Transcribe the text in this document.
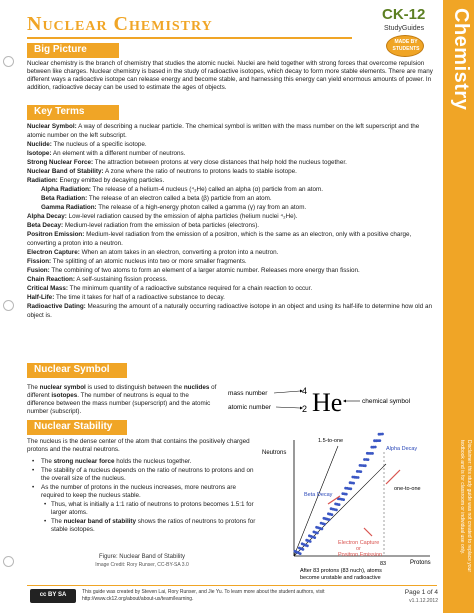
Chemistry
Disclaimer: this study guide was not created to replace your textbook and is for classroom or individual use only.
Nuclear Chemistry	CK-12
StudyGuides
MADE BY STUDENTS
Big Picture
Nuclear chemistry is the branch of chemistry that studies the atomic nuclei. Nuclei are held together with strong forces that overcome repulsion between like charges. Nuclear chemistry is based in the study of radioactive isotopes, which decay to form more stable elements. There are many different ways a radioactive isotope can release energy and become stable, and harnessing this energy can yield enormous amounts of power. In addition, radioactive decay can be used to estimate the ages of objects.
Key Terms
Nuclear Symbol: A way of describing a nuclear particle. The chemical symbol is written with the mass number on the left superscript and the atomic number on the left subscript.
Nuclide: The nucleus of a specific isotope.
Isotope: An element with a different number of neutrons.
Strong Nuclear Force: The attraction between protons at very close distances that help hold the nucleus together.
Nuclear Band of Stability: A zone where the ratio of neutrons to protons leads to stable isotope.
Radiation: Energy emitted by decaying particles.
Alpha Radiation: The release of a helium-4 nucleus (⁴₂He) called an alpha (α) particle from an atom.
Beta Radiation: The release of an electron called a beta (β) particle from an atom.
Gamma Radiation: The release of a high-energy photon called a gamma (γ) ray from an atom.
Alpha Decay: Low-level radiation caused by the emission of alpha particles (helium nuclei ⁴₂He).
Beta Decay: Medium-level radiation from the emission of beta particles (electrons).
Positron Emission: Medium-level radiation from the emission of a positron, which is the same as an electron, only with a positive charge, converting a proton into a neutron.
Electron Capture: When an atom takes in an electron, converting a proton into a neutron.
Fission: The splitting of an atomic nucleus into two or more smaller fragments.
Fusion: The combining of two atoms to form an element of a larger atomic number. Releases more energy than fission.
Chain Reaction: A self-sustaining fission process.
Critical Mass: The minimum quantity of a radioactive substance required for a chain reaction to occur.
Half-Life: The time it takes for half of a radioactive substance to decay.
Radioactive Dating: Measuring the amount of a naturally occurring radioactive isotope in an object and using its half-life to determine how old an object is.
Nuclear Symbol
The nuclear symbol is used to distinguish between the nuclides of different isotopes. The number of neutrons is equal to the difference between the mass number (superscript) and the atomic number (subscript).
mass number
atomic number
4
2 He	chemical symbol
Nuclear Stability
The nucleus is the dense center of the atom that contains the positively charged protons and the neutral neutrons.
• The strong nuclear force holds the nucleus together.
• The stability of a nucleus depends on the ratio of neutrons to protons and on the overall size of the nucleus.
• As the number of protons in the nucleus increases, more neutrons are required to keep the nucleus stable.
• Thus, what is initially a 1:1 ratio of neutrons to protons becomes 1.5:1 for larger atoms.
• The nuclear band of stability shows the ratios of neutrons to protons for stable isotopes.
Figure: Nuclear Band of Stability
Image Credit: Rory Runser, CC-BY-SA 3.0
Neutrons
Protons
1.5-to-one
Alpha Decay
Beta Decay
one-to-one
Electron Capture
or
Positron Emission
83
After 83 protons (83 nuch), atoms
become unstable and radioactive
cc BY SA	This guide was created by Steven Lai, Rory Runser, and Jie Yu. To learn more about the student authors, visit http://www.ck12.org/about/about-us/team/learning.
Page 1 of 4
v1.1.12.2012
